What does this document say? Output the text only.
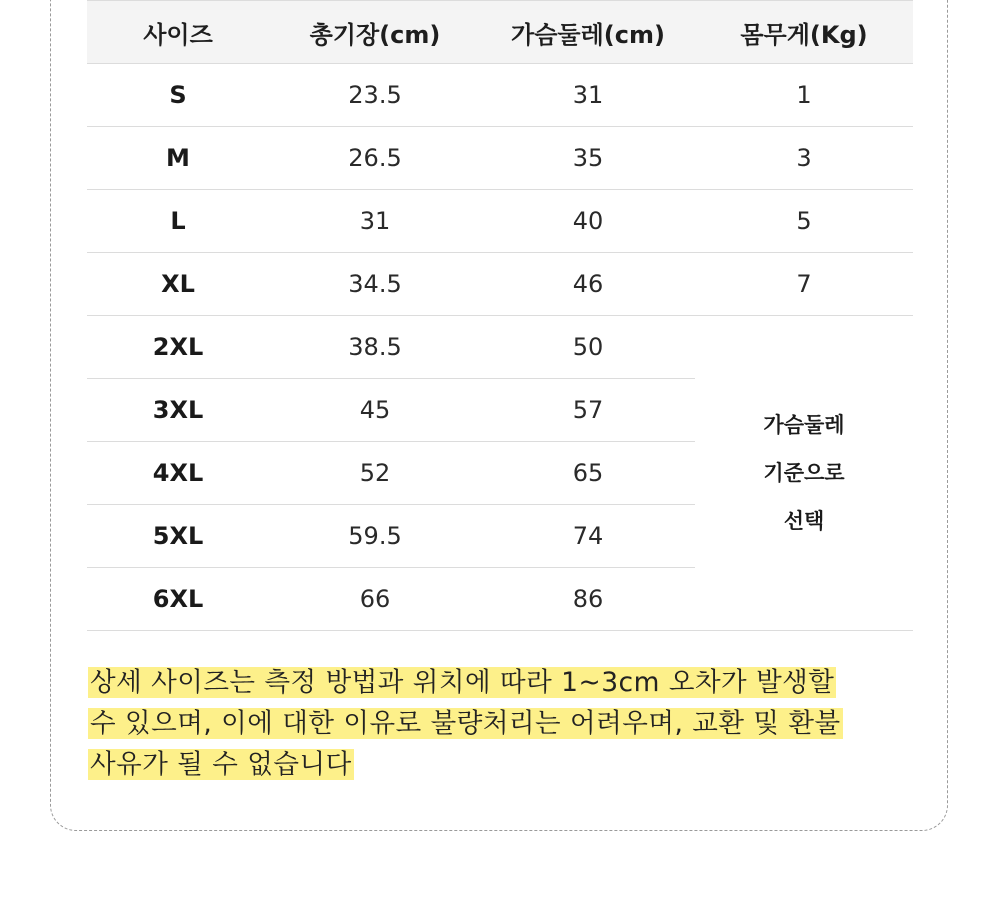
사이즈	총기장(cm)	가슴둘레(cm)	몸무게(Kg)
S	23.5	31	1
M	26.5	35	3
L	31	40	5
XL	34.5	46	7
2XL	38.5	50	가슴둘레
기준으로
선택

3XL	45	57	
4XL	52	65	
5XL	59.5	74	
6XL	66	86	
상세 사이즈는 측정 방법과 위치에 따라 1~3cm 오차가 발생할
수 있으며, 이에 대한 이유로 불량처리는 어려우며, 교환 및 환불
사유가 될 수 없습니다
